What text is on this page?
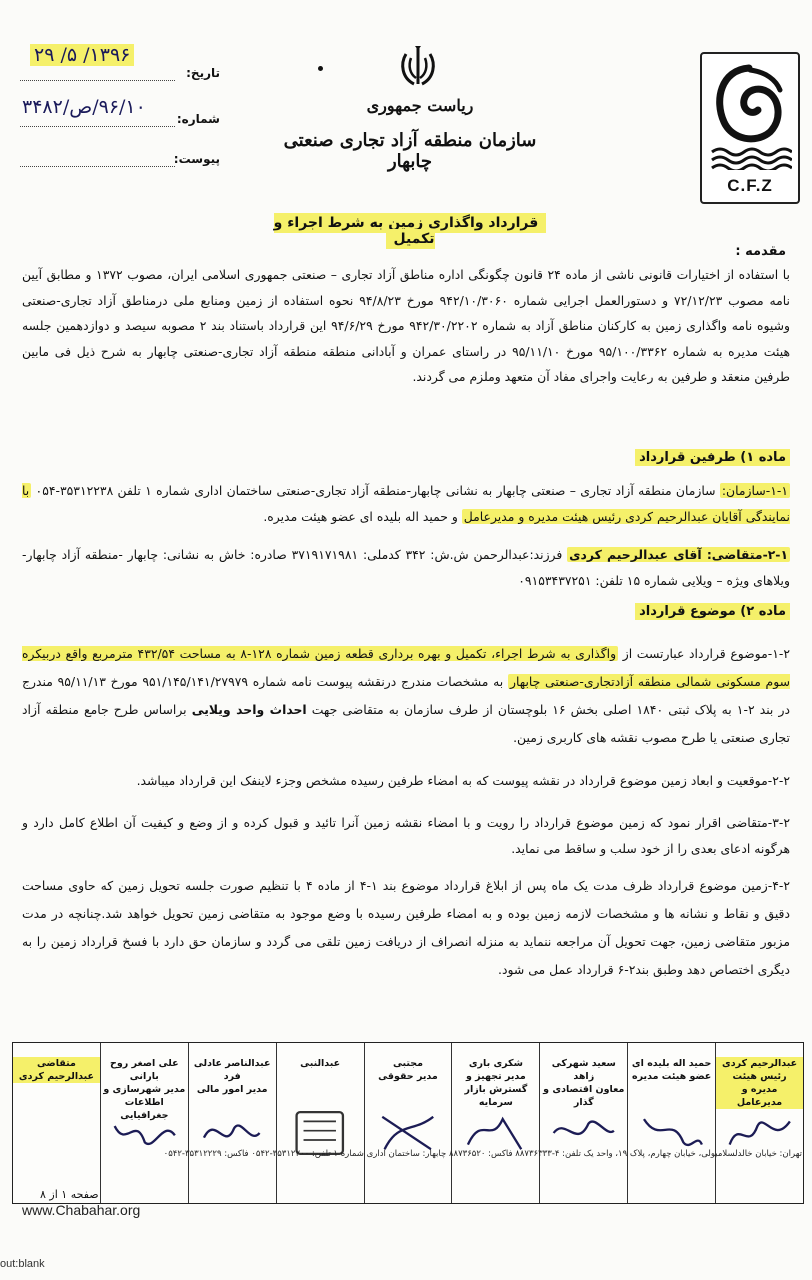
C.F.Z
ریاست جمهوری
سازمان منطقه آزاد تجاری صنعتی چابهار
تاریخ:
۱۳۹۶/ ۵/ ۲۹
شماره:
۹۶/۱۰/ص/۳۴۸۲
پیوست:
قرارداد واگذاری زمین به شرط اجراء و تکمیل
مقدمه :
با استفاده از اختیارات قانونی ناشی از ماده ۲۴ قانون چگونگی اداره مناطق آزاد تجاری – صنعتی جمهوری اسلامی ایران، مصوب ۱۳۷۲ و مطابق آیین نامه مصوب ۷۲/۱۲/۲۳ و دستورالعمل اجرایی شماره ۹۴۲/۱۰/۳۰۶۰ مورخ ۹۴/۸/۲۳ نحوه استفاده از زمین ومنابع ملی درمناطق آزاد تجاری-صنعتی وشیوه نامه واگذاری زمین به کارکنان مناطق آزاد به شماره ۹۴۲/۳۰/۲۲۰۲ مورخ ۹۴/۶/۲۹ این قرارداد باستناد بند ۲ مصوبه سیصد و دوازدهمین جلسه هیئت مدیره به شماره ۹۵/۱۰۰/۳۳۶۲ مورخ ۹۵/۱۱/۱۰ در راستای عمران و آبادانی منطقه منطقه آزاد تجاری-صنعتی چابهار به شرح ذیل فی مابین طرفین منعقد و طرفین به رعایت واجرای مفاد آن متعهد وملزم می گردند.
ماده ۱) طرفین قرارداد
۱-۱-سازمان: سازمان منطقه آزاد تجاری – صنعتی چابهار به نشانی چابهار-منطقه آزاد تجاری-صنعتی ساختمان اداری شماره ۱ تلفن ۳۵۳۱۲۲۳۸-۰۵۴ با نمایندگی آقایان عبدالرحیم کردی رئیس هیئت مدیره و مدیرعامل و حمید اله بلیده ای عضو هیئت مدیره.
۲-۱-متقاضی: آقای عبدالرحیم کردی فرزند:عبدالرحمن ش.ش: ۳۴۲ کدملی: ۳۷۱۹۱۷۱۹۸۱ صادره: خاش به نشانی: چابهار -منطقه آزاد چابهار- ویلاهای ویژه – ویلایی شماره ۱۵ تلفن: ۰۹۱۵۳۴۳۷۲۵۱
ماده ۲) موضوع قرارداد
۱-۲-موضوع قرارداد عبارتست از واگذاری به شرط اجراء، تکمیل و بهره برداری قطعه زمین شماره ۱۲۸-۸ به مساحت ۴۳۲/۵۴ مترمربع واقع دربیکره سوم مسکونی شمالی منطقه آزادتجاری-صنعتی چابهار به مشخصات مندرج درنقشه پیوست نامه شماره ۹۵۱/۱۴۵/۱۴۱/۲۷۹۷۹ مورخ ۹۵/۱۱/۱۳ مندرج در بند ۲-۱ به پلاک ثبتی ۱۸۴۰ اصلی بخش ۱۶ بلوچستان از طرف سازمان به متقاضی جهت احداث واحد ویلایی براساس طرح جامع منطقه آزاد تجاری صنعتی یا طرح مصوب نقشه های کاربری زمین.
۲-۲-موقعیت و ابعاد زمین موضوع قرارداد در نقشه پیوست که به امضاء طرفین رسیده مشخص وجزء لاینفک این قرارداد میباشد.
۳-۲-متقاضی اقرار نمود که زمین موضوع قرارداد را رویت و با امضاء نقشه زمین آنرا تائید و قبول کرده و از وضع و کیفیت آن اطلاع کامل دارد و هرگونه ادعای بعدی را از خود سلب و ساقط می نماید.
۴-۲-زمین موضوع قرارداد ظرف مدت یک ماه پس از ابلاغ قرارداد موضوع بند ۱-۴ از ماده ۴ با تنظیم صورت جلسه تحویل زمین که حاوی مساحت دقیق و نقاط و نشانه ها و مشخصات لازمه زمین بوده و به امضاء طرفین رسیده با وضع موجود به متقاضی زمین تحویل خواهد شد.چنانچه در مدت مزبور متقاضی زمین، جهت تحویل آن مراجعه ننماید به منزله انصراف از دریافت زمین تلقی می گردد و سازمان حق دارد با فسخ قرارداد زمین را به دیگری اختصاص دهد وطبق بند۲-۶ قرارداد عمل می شود.
عبدالرحیم کردی
رئیس هیئت مدیره و مدیرعامل
حمید اله بلیده ای
عضو هیئت مدیره
سعید شهرکی زاهد
معاون اقتصادی و گذار
شکری باری
مدیر تجهیز و گسترش بازار سرمایه
مجتبی
مدیر حقوقی
عبدالنبی
عبدالناصر عادلی فرد
مدیر امور مالی
علی اصغر روح بارانی
مدیر شهرسازی و اطلاعات جغرافیایی
متقاضی
عبدالرحیم کردی
تهران: خیابان خالدلسلامبولی، خیابان چهارم، پلاک ۱۹، واحد یک تلفن: ۴-۸۸۷۳۶۳۳۳ فاکس: ۸۸۷۳۶۵۲۰ چابهار: ساختمان اداری شماره ۱ تلفن: ۳۵۳۱۲۲۰۰-۰۵۴۲ فاکس: ۳۵۳۱۲۲۲۹-۰۵۴۲
صفحه ۱ از ۸
www.Chabahar.org
out:blank
